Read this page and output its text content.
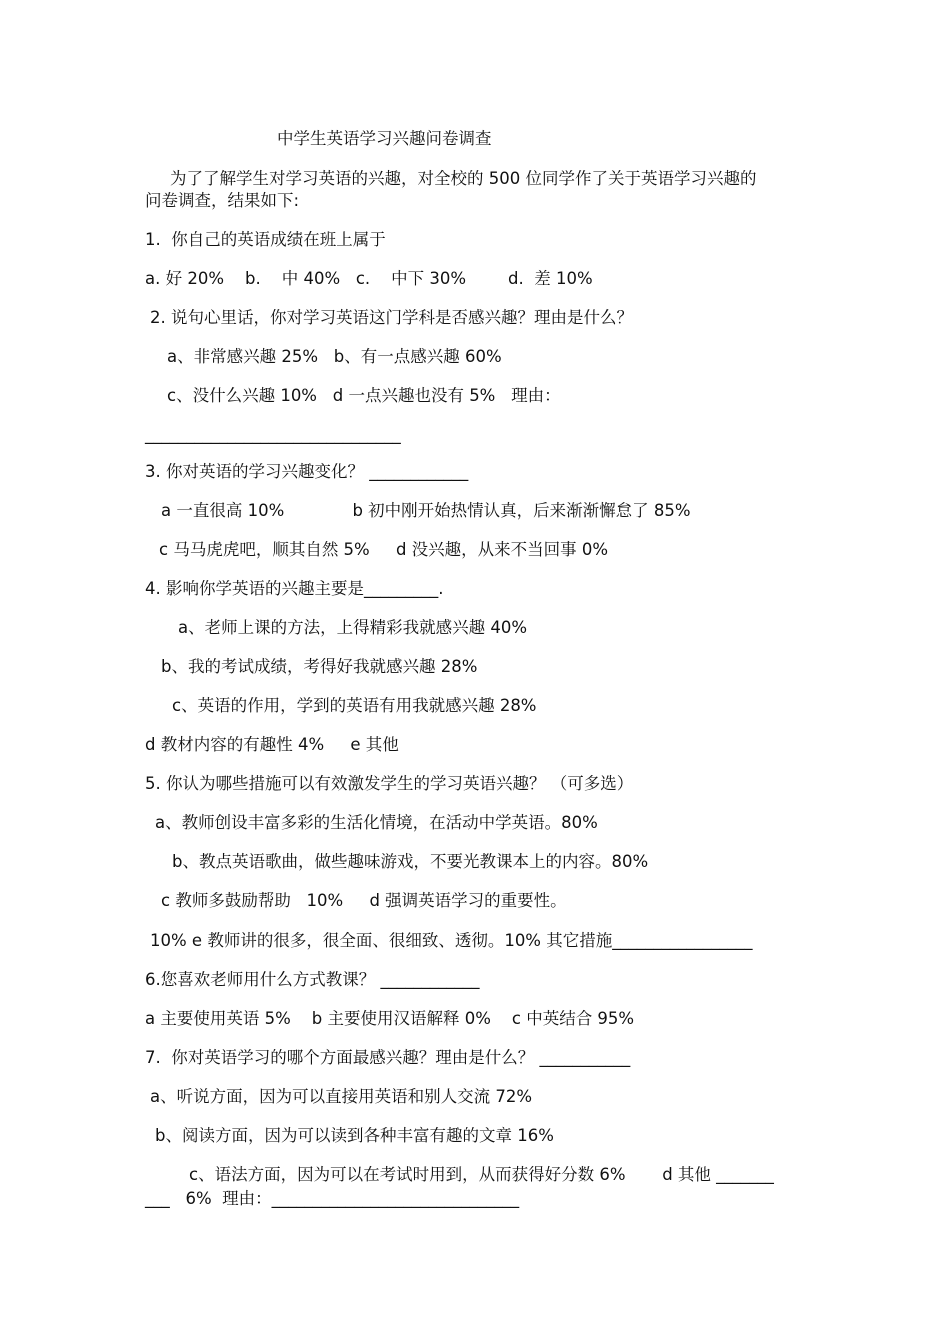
中学生英语学习兴趣问卷调查

为了了解学生对学习英语的兴趣，对全校的 500 位同学作了关于英语学习兴趣的

问卷调查，结果如下:

1.  你自己的英语成绩在班上属于

a. 好 20%    b.    中 40%   c.    中下 30%        d.  差 10%

2. 说句心里话，你对学习英语这门学科是否感兴趣？理由是什么？

a、非常感兴趣 25%   b、有一点感兴趣 60%

c、没什么兴趣 10%   d 一点兴趣也没有 5%   理由：

_______________________________

3. 你对英语的学习兴趣变化？ ____________

a 一直很高 10%             b 初中刚开始热情认真，后来渐渐懈怠了 85%

c 马马虎虎吧，顺其自然 5%     d 没兴趣，从来不当回事 0%

4. 影响你学英语的兴趣主要是_________.

a、老师上课的方法，上得精彩我就感兴趣 40%

b、我的考试成绩，考得好我就感兴趣 28%

c、英语的作用，学到的英语有用我就感兴趣 28%

d 教材内容的有趣性 4%     e 其他

5. 你认为哪些措施可以有效激发学生的学习英语兴趣？ （可多选）

a、教师创设丰富多彩的生活化情境，在活动中学英语。80%

b、教点英语歌曲，做些趣味游戏，不要光教课本上的内容。80%

c 教师多鼓励帮助   10%     d 强调英语学习的重要性。

10% e 教师讲的很多，很全面、很细致、透彻。10% 其它措施_________________

6.您喜欢老师用什么方式教课？ ____________

a 主要使用英语 5%    b 主要使用汉语解释 0%    c 中英结合 95%

7.  你对英语学习的哪个方面最感兴趣？理由是什么？ ___________

a、听说方面，因为可以直接用英语和别人交流 72%

b、阅读方面，因为可以读到各种丰富有趣的文章 16%

c、语法方面，因为可以在考试时用到，从而获得好分数 6%       d 其他 _______

___   6%  理由：______________________________
